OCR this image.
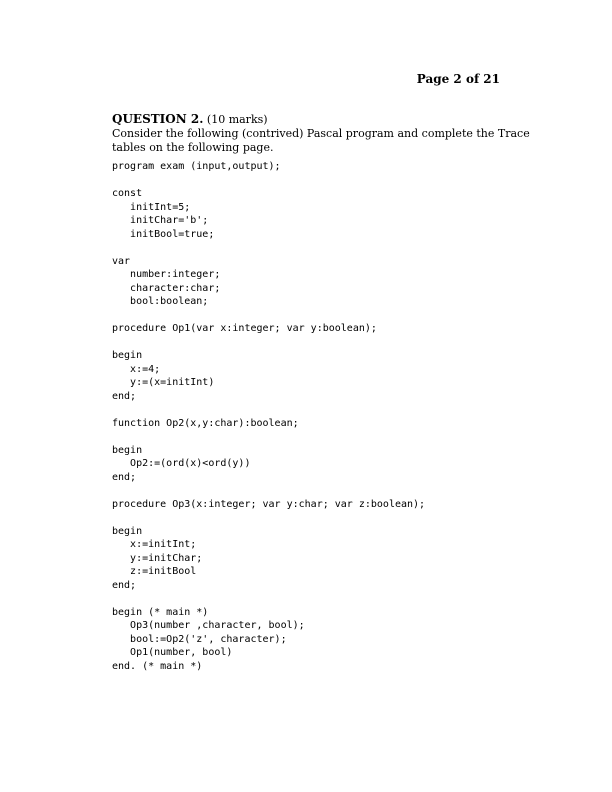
Page 2 of 21

QUESTION 2. (10 marks)

Consider the following (contrived) Pascal program and complete the Trace tables on the following page.

program exam (input,output);
const
initInt=5;
initChar='b';
initBool=true;
var
number:integer;
character:char;
bool:boolean;
procedure Op1(var x:integer; var y:boolean);
begin
x:=4;
y:=(x=initInt)
end;
function Op2(x,y:char):boolean;
begin
Op2:=(ord(x)<ord(y))
end;
procedure Op3(x:integer; var y:char; var z:boolean);
begin
x:=initInt;
y:=initChar;
z:=initBool
end;
begin (* main *)
Op3(number ,character, bool);
bool:=Op2('z', character);
Op1(number, bool)
end. (* main *)
